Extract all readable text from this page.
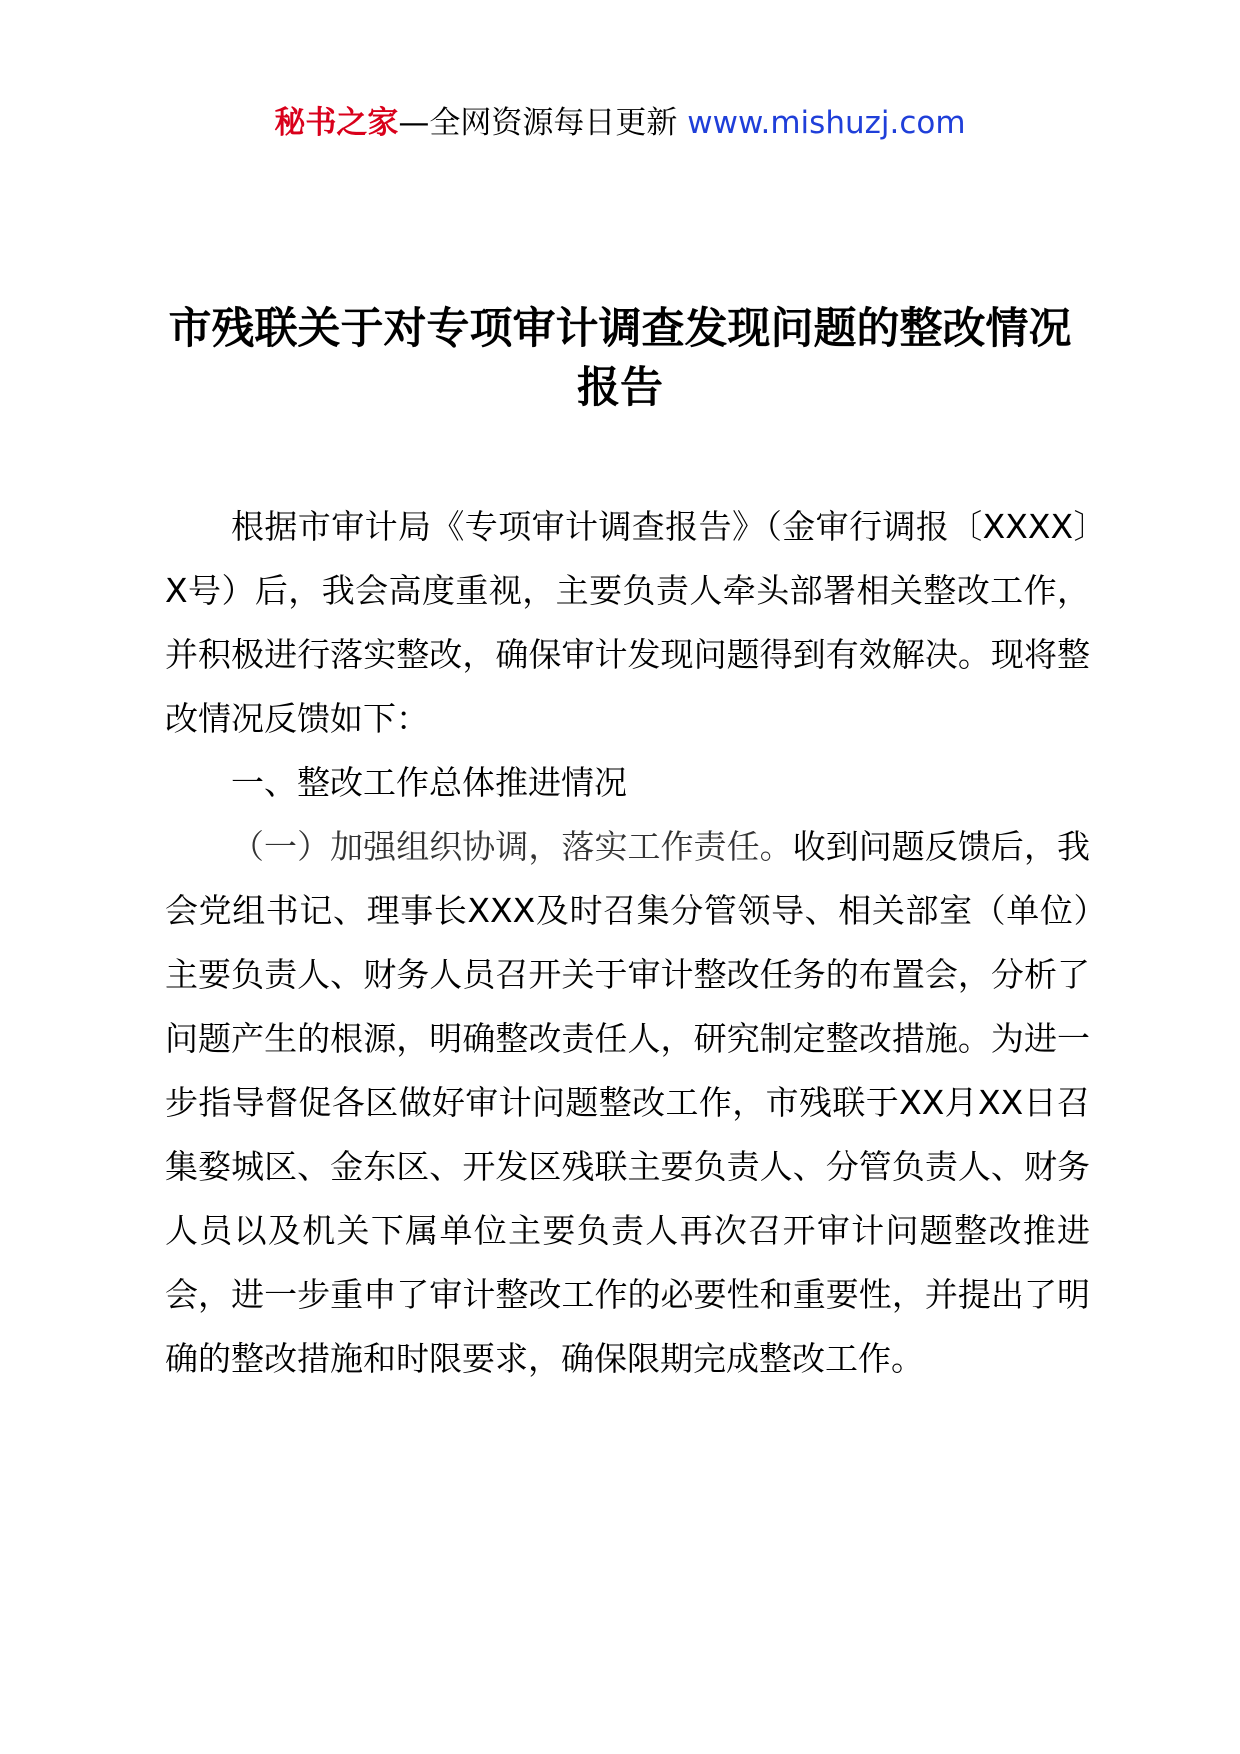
秘书之家—全网资源每日更新 www.mishuzj.com
市残联关于对专项审计调查发现问题的整改情况报告

根据市审计局《专项审计调查报告》（金审行调报〔XXXX〕X号）后，我会高度重视，主要负责人牵头部署相关整改工作，并积极进行落实整改，确保审计发现问题得到有效解决。现将整改情况反馈如下：

一、整改工作总体推进情况

（一）加强组织协调，落实工作责任。收到问题反馈后，我会党组书记、理事长XXX及时召集分管领导、相关部室（单位）主要负责人、财务人员召开关于审计整改任务的布置会，分析了问题产生的根源，明确整改责任人，研究制定整改措施。为进一步指导督促各区做好审计问题整改工作，市残联于XX月XX日召集婺城区、金东区、开发区残联主要负责人、分管负责人、财务人员以及机关下属单位主要负责人再次召开审计问题整改推进会，进一步重申了审计整改工作的必要性和重要性，并提出了明确的整改措施和时限要求，确保限期完成整改工作。
